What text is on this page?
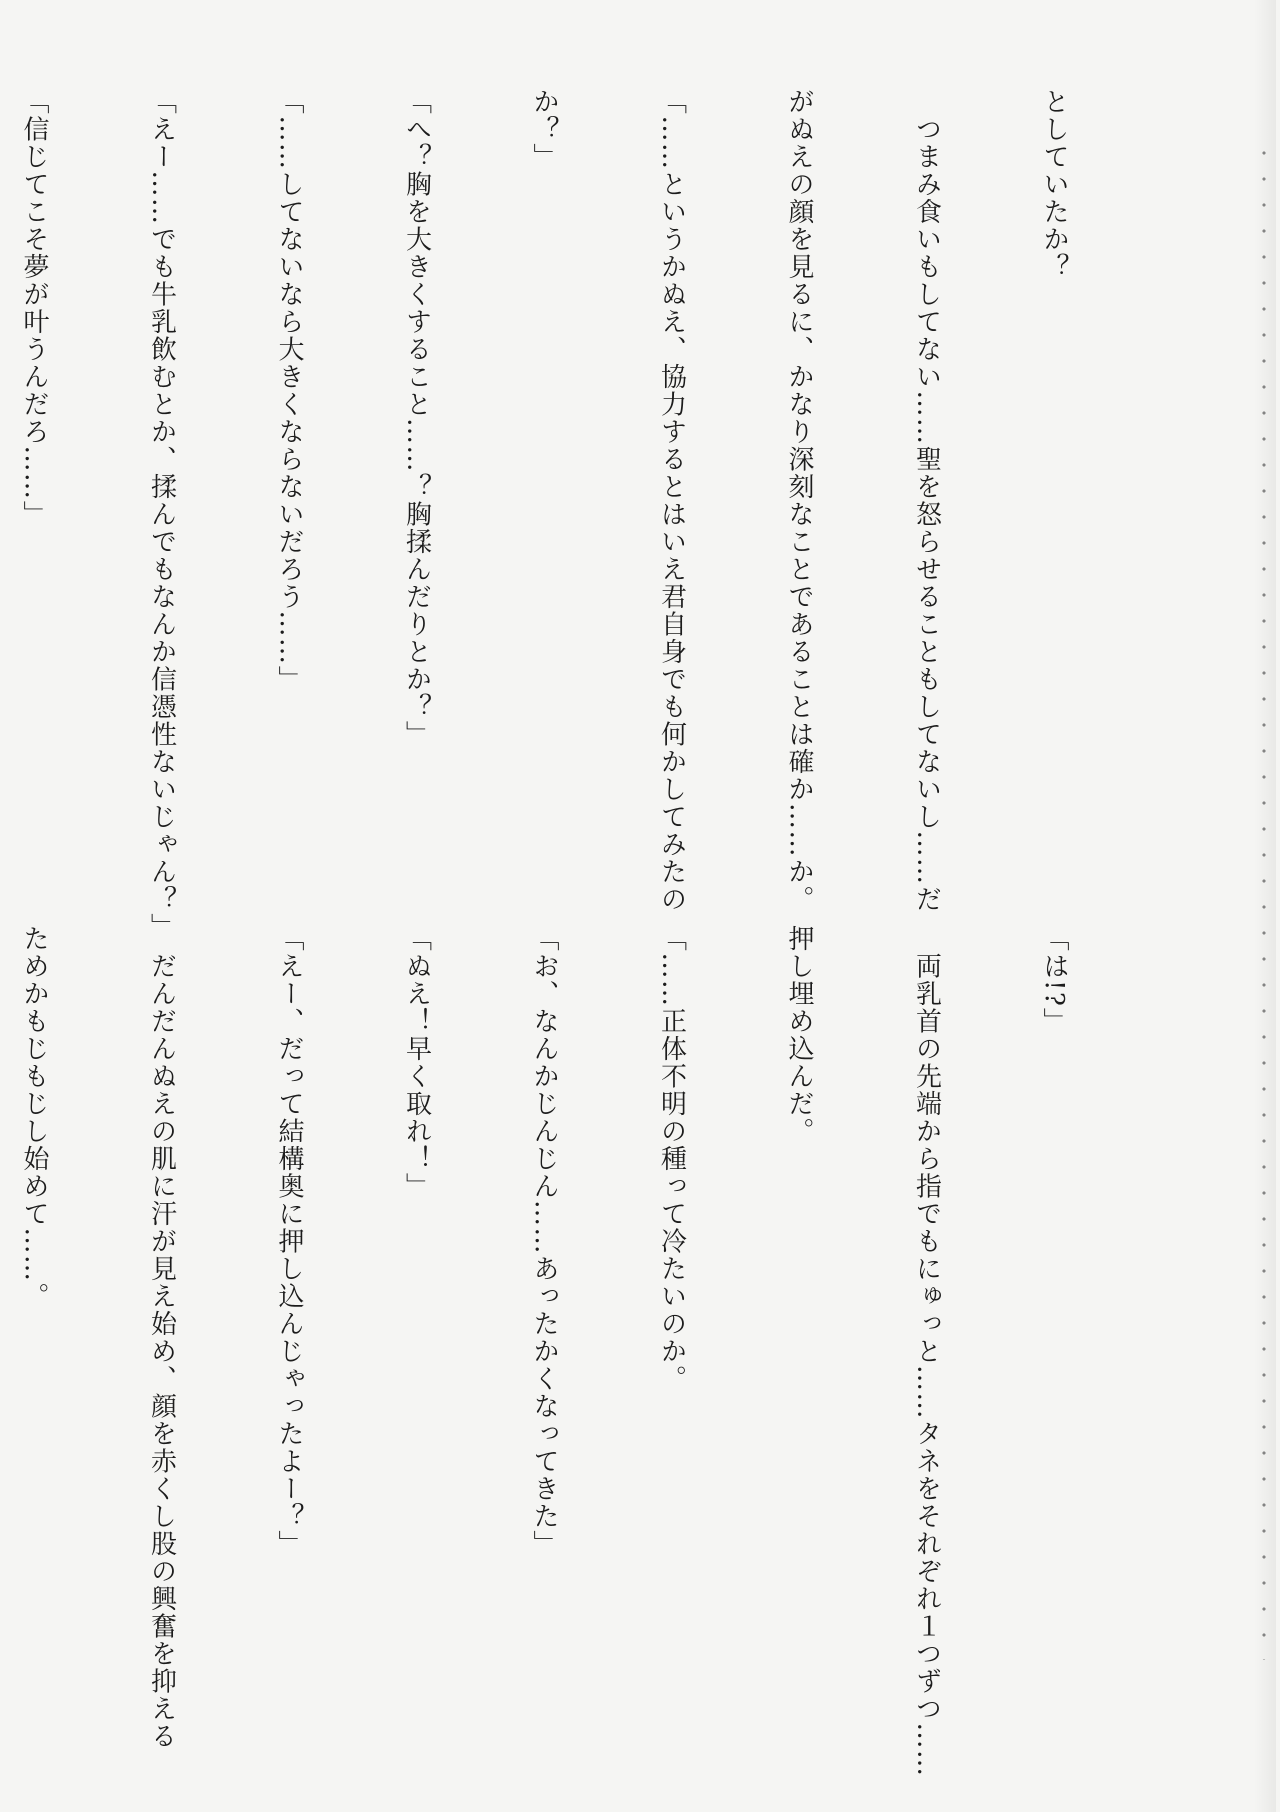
としていたか？

　つまみ食いもしてない……聖を怒らせることもしてないし……だ

がぬえの顔を見るに、かなり深刻なことであることは確か……か。

「……というかぬえ、協力するとはいえ君自身でも何かしてみたの

か？」

「へ？胸を大きくすること……？胸揉んだりとか？」

「……してないなら大きくならないだろう……」

「えー……でも牛乳飲むとか、揉んでもなんか信憑性ないじゃん？」

「信じてこそ夢が叶うんだろ……」

「は!?」

　両乳首の先端から指でもにゅっと……タネをそれぞれ１つずつ……

押し埋め込んだ。

「……正体不明の種って冷たいのか。

「お、なんかじんじん……あったかくなってきた」

「ぬえ！早く取れ！」

「えー、だって結構奥に押し込んじゃったよー？」

　だんだんぬえの肌に汗が見え始め、顔を赤くし股の興奮を抑える

ためかもじもじし始めて……。
